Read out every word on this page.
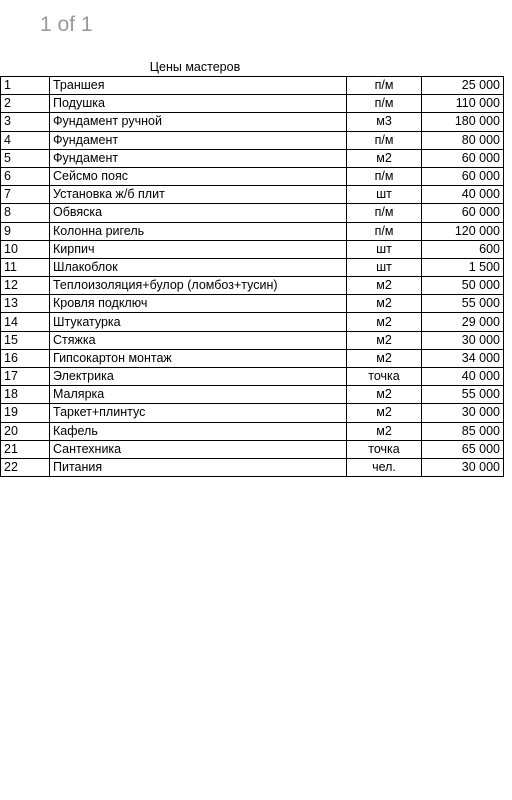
1 of 1
Цены мастеров
1	Траншея	п/м	25 000
2	Подушка	п/м	110 000
3	Фундамент ручной	м3	180 000
4	Фундамент	п/м	80 000
5	Фундамент	м2	60 000
6	Сейсмо пояс	п/м	60 000
7	Установка ж/б плит	шт	40 000
8	Обвяска	п/м	60 000
9	Колонна ригель	п/м	120 000
10	Кирпич	шт	600
11	Шлакоблок	шт	1 500
12	Теплоизоляция+булор (ломбоз+тусин)	м2	50 000
13	Кровля подключ	м2	55 000
14	Штукатурка	м2	29 000
15	Стяжка	м2	30 000
16	Гипсокартон монтаж	м2	34 000
17	Электрика	точка	40 000
18	Малярка	м2	55 000
19	Таркет+плинтус	м2	30 000
20	Кафель	м2	85 000
21	Сантехника	точка	65 000
22	Питания	чел.	30 000
